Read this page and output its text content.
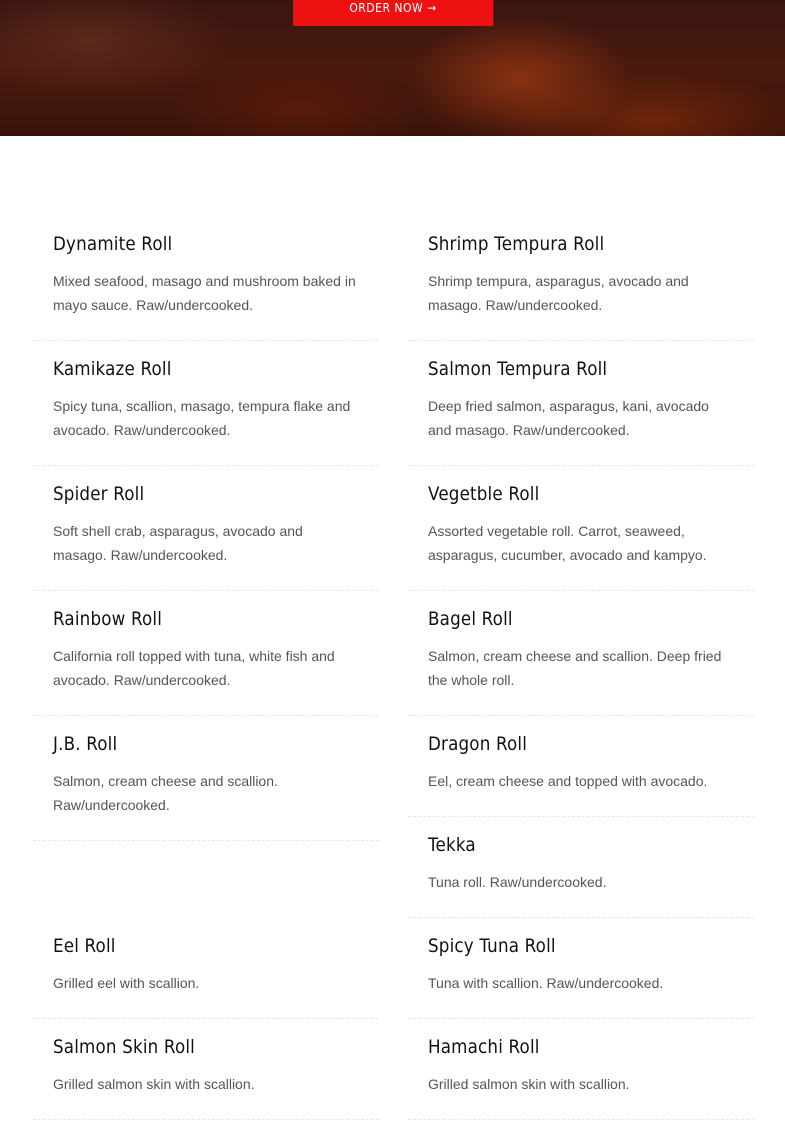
ORDER NOW →
Dynamite Roll
Mixed seafood, masago and mushroom baked in mayo sauce. Raw/undercooked.
Kamikaze Roll
Spicy tuna, scallion, masago, tempura flake and avocado. Raw/undercooked.
Spider Roll
Soft shell crab, asparagus, avocado and masago. Raw/undercooked.
Rainbow Roll
California roll topped with tuna, white fish and avocado. Raw/undercooked.
J.B. Roll
Salmon, cream cheese and scallion. Raw/undercooked.
Eel Roll
Grilled eel with scallion.
Salmon Skin Roll
Grilled salmon skin with scallion.
Shrimp Tempura Roll
Shrimp tempura, asparagus, avocado and masago. Raw/undercooked.
Salmon Tempura Roll
Deep fried salmon, asparagus, kani, avocado and masago. Raw/undercooked.
Vegetble Roll
Assorted vegetable roll. Carrot, seaweed, asparagus, cucumber, avocado and kampyo.
Bagel Roll
Salmon, cream cheese and scallion. Deep fried the whole roll.
Dragon Roll
Eel, cream cheese and topped with avocado.
Tekka
Tuna roll. Raw/undercooked.
Spicy Tuna Roll
Tuna with scallion. Raw/undercooked.
Hamachi Roll
Grilled salmon skin with scallion.
